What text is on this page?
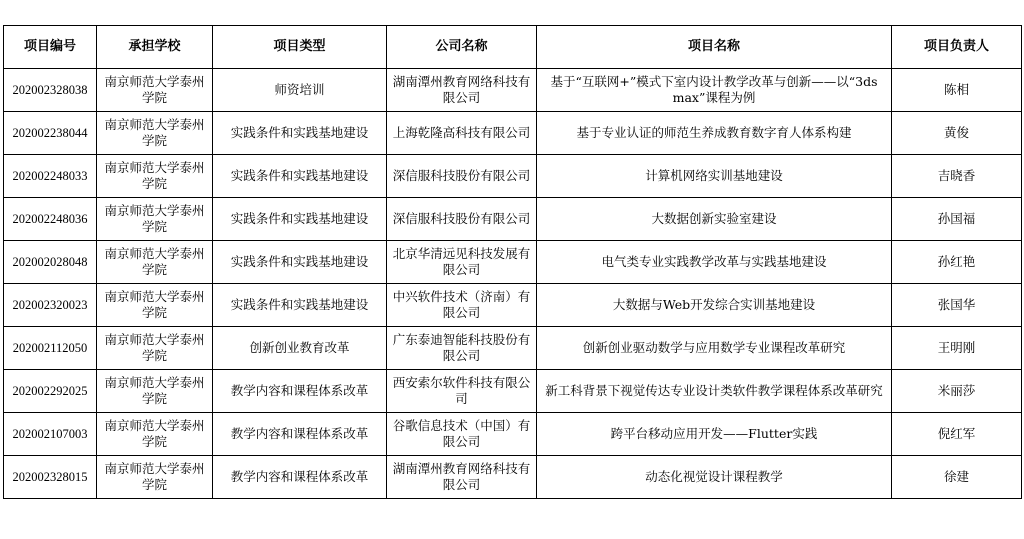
项目编号	承担学校	项目类型	公司名称	项目名称	项目负责人
202002328038	南京师范大学泰州学院	师资培训	湖南潭州教育网络科技有限公司	基于“互联网+”模式下室内设计教学改革与创新——以“3ds max”课程为例	陈相
202002238044	南京师范大学泰州学院	实践条件和实践基地建设	上海乾隆高科技有限公司	基于专业认证的师范生养成教育数字育人体系构建	黄俊
202002248033	南京师范大学泰州学院	实践条件和实践基地建设	深信服科技股份有限公司	计算机网络实训基地建设	吉晓香
202002248036	南京师范大学泰州学院	实践条件和实践基地建设	深信服科技股份有限公司	大数据创新实验室建设	孙国福
202002028048	南京师范大学泰州学院	实践条件和实践基地建设	北京华清远见科技发展有限公司	电气类专业实践教学改革与实践基地建设	孙红艳
202002320023	南京师范大学泰州学院	实践条件和实践基地建设	中兴软件技术（济南）有限公司	大数据与Web开发综合实训基地建设	张国华
202002112050	南京师范大学泰州学院	创新创业教育改革	广东泰迪智能科技股份有限公司	创新创业驱动数学与应用数学专业课程改革研究	王明刚
202002292025	南京师范大学泰州学院	教学内容和课程体系改革	西安索尔软件科技有限公司	新工科背景下视觉传达专业设计类软件教学课程体系改革研究	米丽莎
202002107003	南京师范大学泰州学院	教学内容和课程体系改革	谷歌信息技术（中国）有限公司	跨平台移动应用开发——Flutter实践	倪红军
202002328015	南京师范大学泰州学院	教学内容和课程体系改革	湖南潭州教育网络科技有限公司	动态化视觉设计课程教学	徐建
